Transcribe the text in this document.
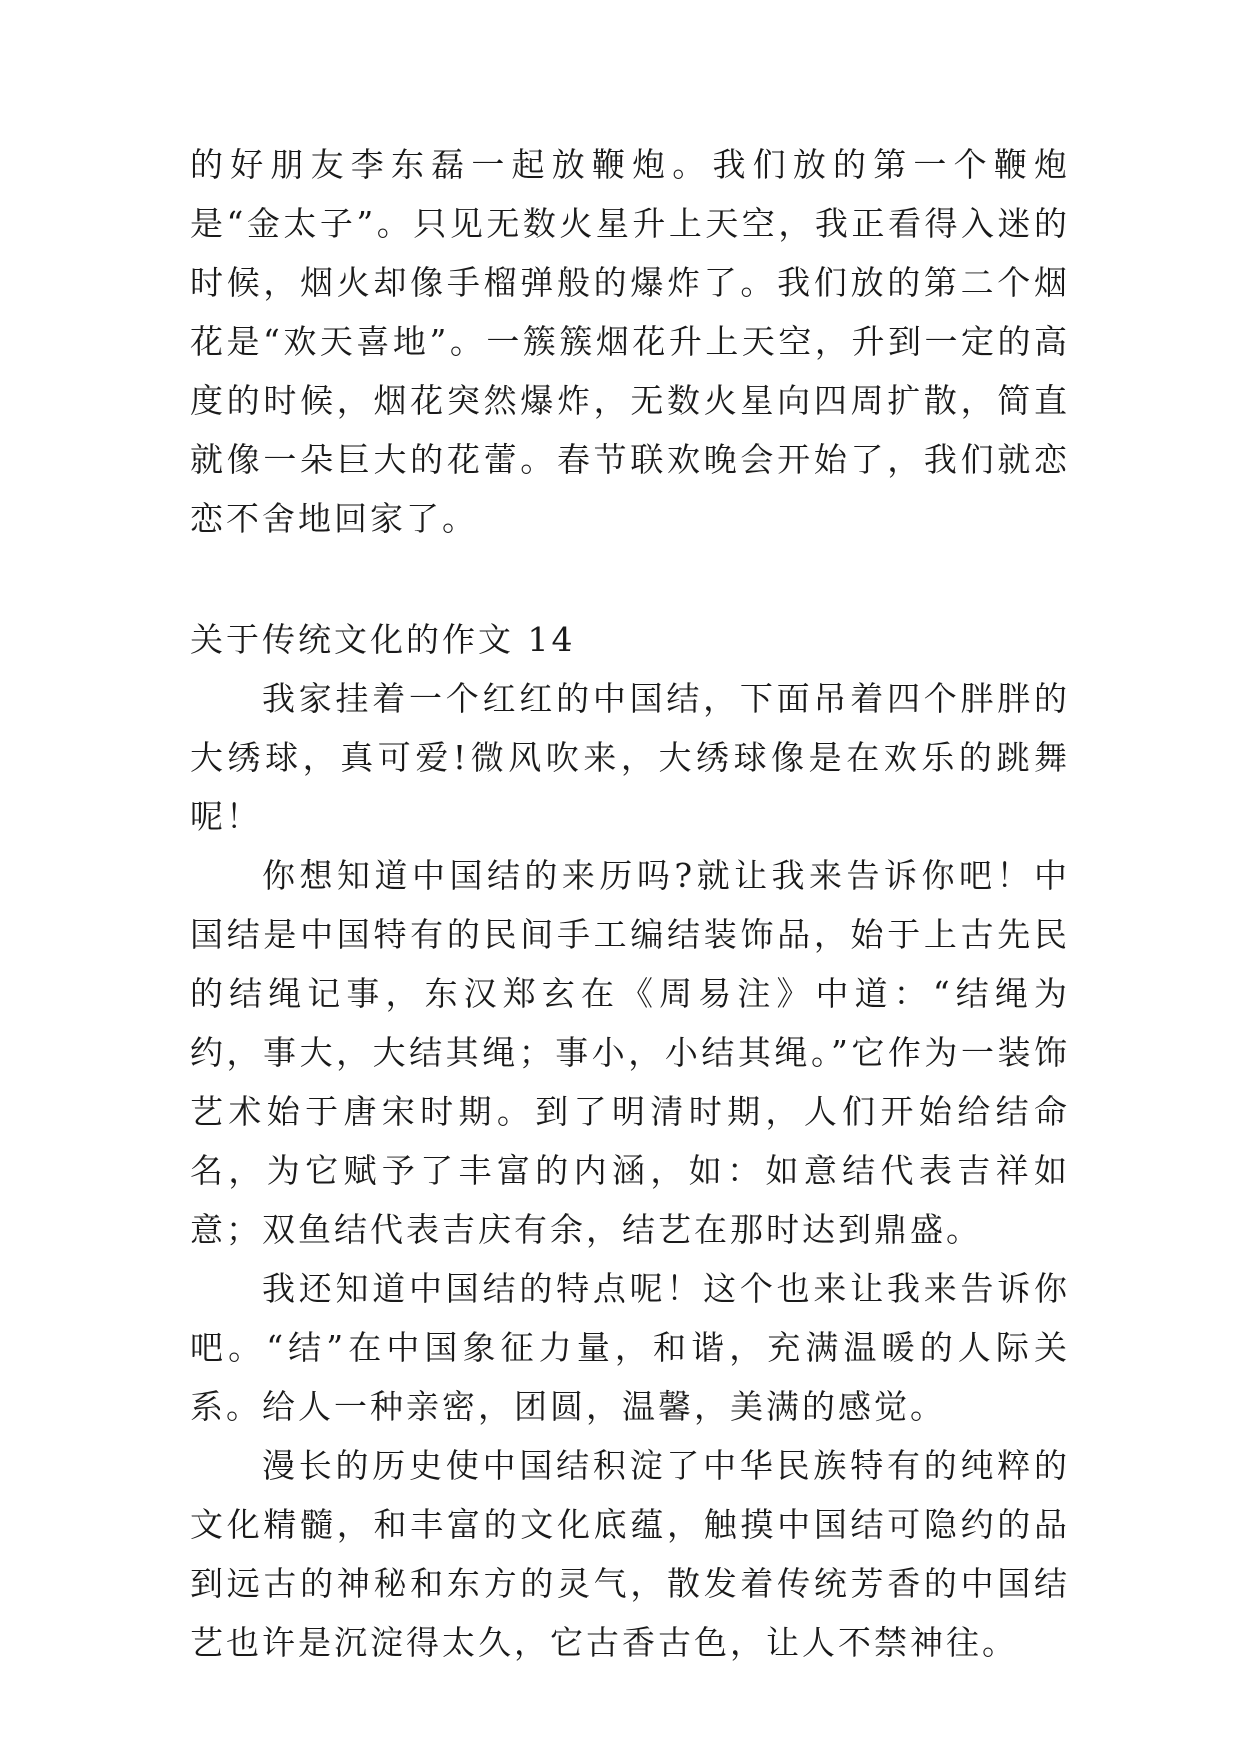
的好朋友李东磊一起放鞭炮。我们放的第一个鞭炮是“金太子”。只见无数火星升上天空，我正看得入迷的时候，烟火却像手榴弹般的爆炸了。我们放的第二个烟花是“欢天喜地”。一簇簇烟花升上天空，升到一定的高度的时候，烟花突然爆炸，无数火星向四周扩散，简直就像一朵巨大的花蕾。春节联欢晚会开始了，我们就恋恋不舍地回家了。

关于传统文化的作文 14

我家挂着一个红红的中国结，下面吊着四个胖胖的大绣球，真可爱!微风吹来，大绣球像是在欢乐的跳舞呢！

你想知道中国结的来历吗?就让我来告诉你吧！中国结是中国特有的民间手工编结装饰品，始于上古先民的结绳记事，东汉郑玄在《周易注》中道：“结绳为约，事大，大结其绳；事小，小结其绳。”它作为一装饰艺术始于唐宋时期。到了明清时期，人们开始给结命名，为它赋予了丰富的内涵，如：如意结代表吉祥如意；双鱼结代表吉庆有余，结艺在那时达到鼎盛。

我还知道中国结的特点呢！这个也来让我来告诉你吧。“结”在中国象征力量，和谐，充满温暖的人际关系。给人一种亲密，团圆，温馨，美满的感觉。

漫长的历史使中国结积淀了中华民族特有的纯粹的文化精髓，和丰富的文化底蕴，触摸中国结可隐约的品到远古的神秘和东方的灵气，散发着传统芳香的中国结艺也许是沉淀得太久，它古香古色，让人不禁神往。
